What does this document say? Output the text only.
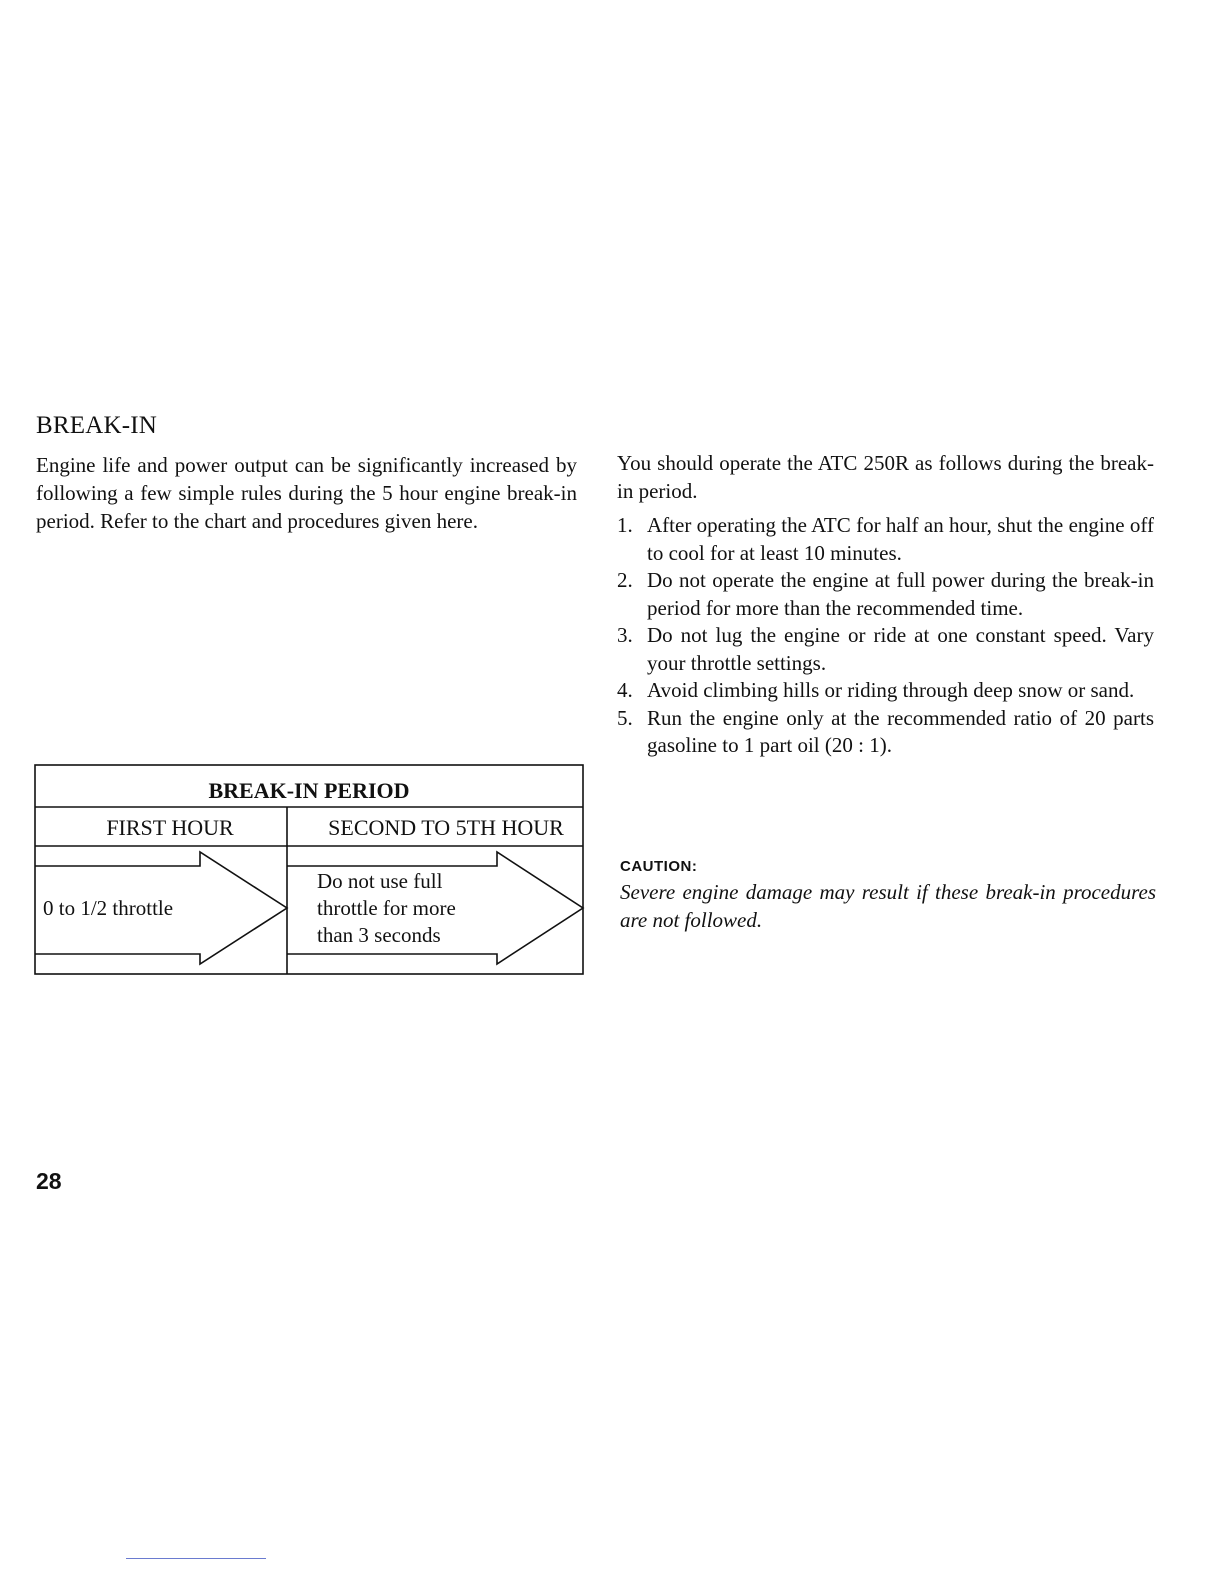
BREAK-IN
Engine life and power output can be significantly increased by following a few simple rules during the 5 hour engine break-in period. Refer to the chart and procedures given here.
BREAK-IN PERIOD
FIRST HOUR	SECOND TO 5TH HOUR
0 to 1/2 throttle
Do not use full
throttle for more
than 3 seconds
You should operate the ATC 250R as follows during the break-in period.
1. After operating the ATC for half an hour, shut the engine off to cool for at least 10 minutes.
2. Do not operate the engine at full power during the break-in period for more than the recommended time.
3. Do not lug the engine or ride at one constant speed. Vary your throttle settings.
4. Avoid climbing hills or riding through deep snow or sand.
5. Run the engine only at the recommended ratio of 20 parts gasoline to 1 part oil (20 : 1).
CAUTION:
Severe engine damage may result if these break-in procedures are not followed.
28
